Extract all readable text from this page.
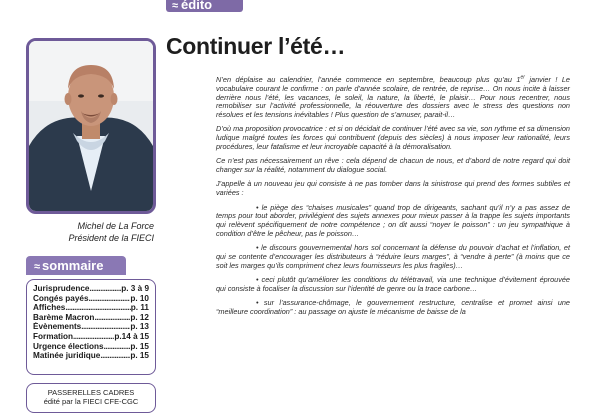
≈ édito
Continuer l’été…
Michel de La Force
Président de la FIECI
≈ sommaire
Jurisprudence .....	p. 3 à 9
Congés payés .....	p. 10
Affiches .....	p. 11
Barème Macron .....	p. 12
Évènements .....	p. 13
Formation .....	p.14 à 15
Urgence élections .....	p. 15
Matinée juridique .....	p. 15
PASSERELLES CADRES
édité par la FIECI CFE-CGC

N’en déplaise au calendrier, l’année commence en septembre, beaucoup plus qu’au 1er janvier ! Le vocabulaire courant le confirme : on parle d’année scolaire, de rentrée, de reprise… On nous incite à laisser derrière nous l’été, les vacances, le soleil, la nature, la liberté, le plaisir… Pour nous recentrer, nous remobiliser sur l’activité professionnelle, la réouverture des dossiers avec le stress des questions non résolues et les tensions inévitables ! Plus question de s’amuser, parait-il…

D’où ma proposition provocatrice : et si on décidait de continuer l’été avec sa vie, son rythme et sa dimension ludique malgré toutes les forces qui contribuent (depuis des siècles) à nous imposer leur rationalité, leurs procédures, leur fatalisme et leur incroyable capacité à la démoralisation.

Ce n’est pas nécessairement un rêve : cela dépend de chacun de nous, et d’abord de notre regard qui doit changer sur la réalité, notamment du dialogue social.

J’appelle à un nouveau jeu qui consiste à ne pas tomber dans la sinistrose qui prend des formes subtiles et variées :

• le piège des “chaises musicales” quand trop de dirigeants, sachant qu’il n’y a pas assez de temps pour tout aborder, privilégient des sujets annexes pour mieux passer à la trappe les sujets importants qui relèvent spécifiquement de notre compétence ; on dit aussi “noyer le poisson” : un jeu sympathique à condition d’être le pêcheur, pas le poisson…

• le discours gouvernemental hors sol concernant la défense du pouvoir d’achat et l’inflation, et qui se contente d’encourager les distributeurs à “réduire leurs marges”, à “vendre à perte” (à moins que ce soit les marges qu’ils compriment chez leurs fournisseurs les plus fragiles)…

• ceci plutôt qu’améliorer les conditions du télétravail, via une technique d’évitement éprouvée qui consiste à focaliser la discussion sur l’identité de genre ou la trace carbone…

• sur l’assurance-chômage, le gouvernement restructure, centralise et promet ainsi une “meilleure coordination” : au passage on ajuste le mécanisme de baisse de la
